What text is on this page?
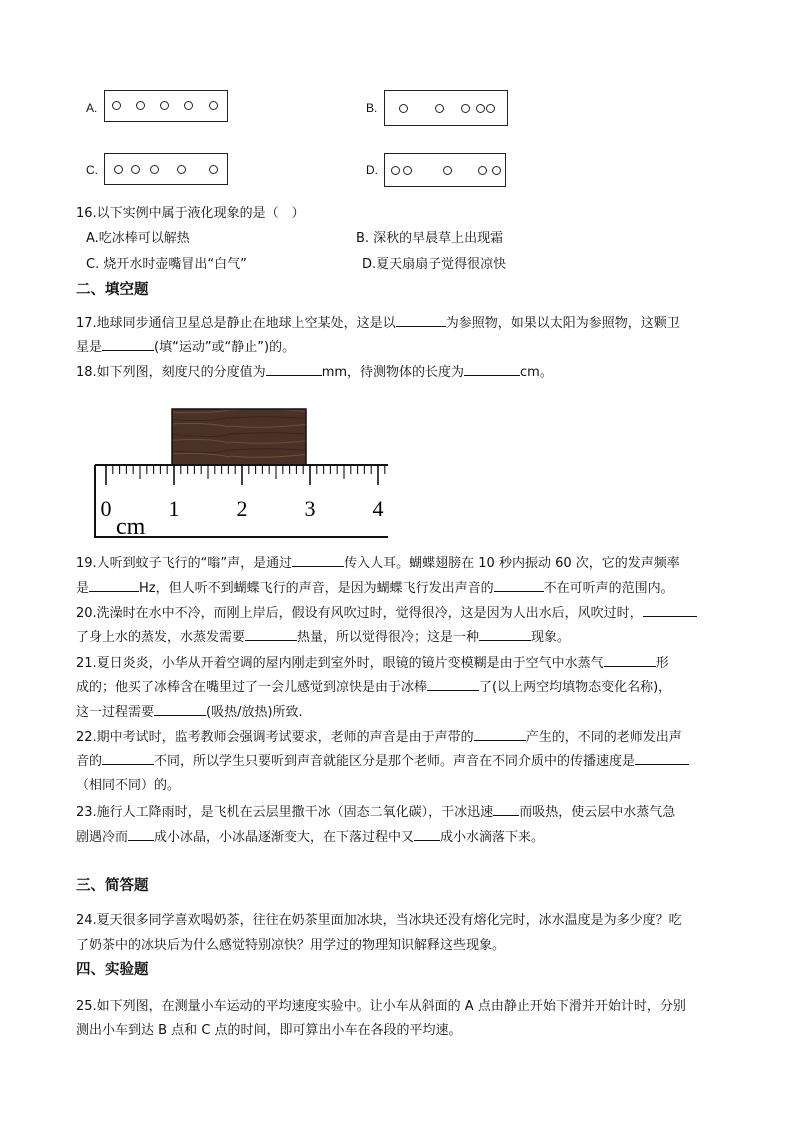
A.	B.
C.	D.
16.以下实例中属于液化现象的是（　）
A.吃冰棒可以解热	B. 深秋的早晨草上出现霜
C. 烧开水时壶嘴冒出“白气”	D.夏天扇扇子觉得很凉快
二、填空题
17.地球同步通信卫星总是静止在地球上空某处，这是以	为参照物，如果以太阳为参照物，这颗卫
星是	(填“运动”或“静止”)的。
18.如下列图，刻度尺的分度值为	mm，待测物体的长度为	cm。
0	1	2	3	4
cm
19.人听到蚊子飞行的“嗡”声，是通过	传入人耳。蝴蝶翅膀在 10 秒内振动 60 次，它的发声频率
是	Hz，但人听不到蝴蝶飞行的声音，是因为蝴蝶飞行发出声音的	不在可听声的范围内。
20.洗澡时在水中不冷，而刚上岸后，假设有风吹过时，觉得很冷，这是因为人出水后，风吹过时，
了身上水的蒸发，水蒸发需要	热量，所以觉得很冷；这是一种	现象。
21.夏日炎炎，小华从开着空调的屋内刚走到室外时，眼镜的镜片变模糊是由于空气中水蒸气	形
成的；他买了冰棒含在嘴里过了一会儿感觉到凉快是由于冰棒	了(以上两空均填物态变化名称)，
这一过程需要	(吸热/放热)所致.
22.期中考试时，监考教师会强调考试要求，老师的声音是由于声带的	产生的，不同的老师发出声
音的	不同，所以学生只要听到声音就能区分是那个老师。声音在不同介质中的传播速度是
（相同不同）的。
23.施行人工降雨时，是飞机在云层里撒干冰（固态二氧化碳），干冰迅速 而吸热，使云层中水蒸气急
剧遇冷而 成小冰晶，小冰晶逐渐变大，在下落过程中又 成小水滴落下来。
三、简答题
24.夏天很多同学喜欢喝奶茶，往往在奶茶里面加冰块，当冰块还没有熔化完时，冰水温度是为多少度？吃
了奶茶中的冰块后为什么感觉特别凉快？用学过的物理知识解释这些现象。
四、实验题
25.如下列图，在测量小车运动的平均速度实验中。让小车从斜面的 A 点由静止开始下滑并开始计时，分别
测出小车到达 B 点和 C 点的时间，即可算出小车在各段的平均速。
